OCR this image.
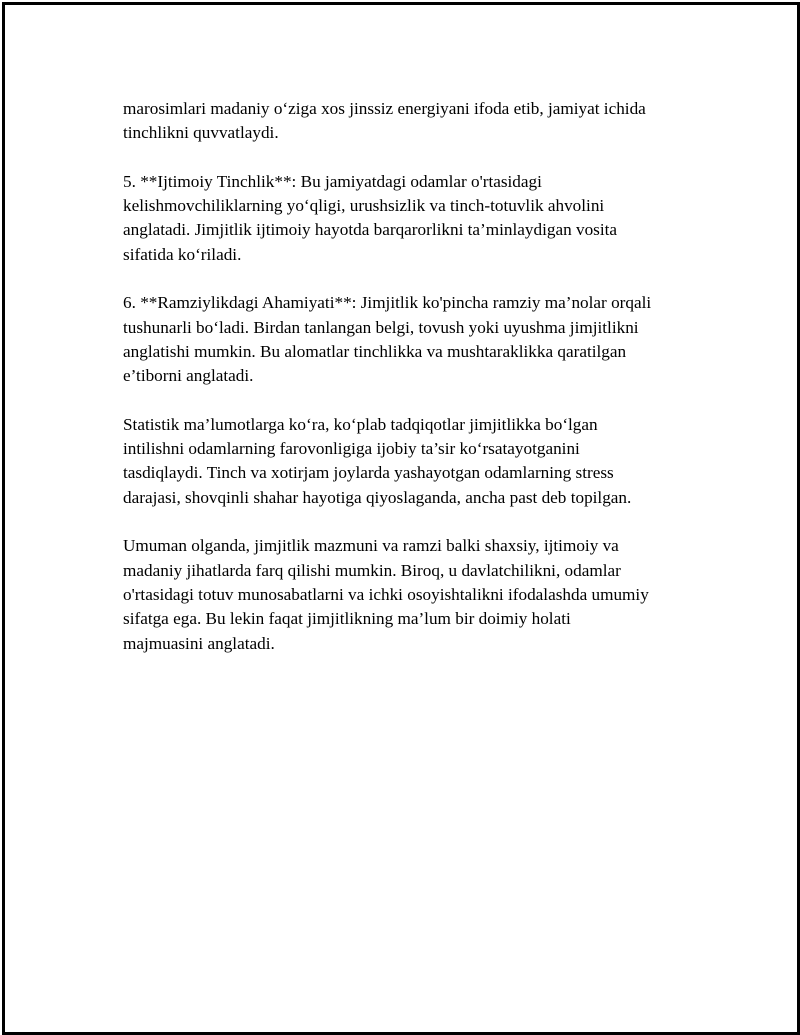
marosimlari madaniy o‘ziga xos jinssiz energiyani ifoda etib, jamiyat ichida
tinchlikni quvvatlaydi.

5. **Ijtimoiy Tinchlik**: Bu jamiyatdagi odamlar o'rtasidagi
kelishmovchiliklarning yo‘qligi, urushsizlik va tinch-totuvlik ahvolini
anglatadi. Jimjitlik ijtimoiy hayotda barqarorlikni ta’minlaydigan vosita
sifatida ko‘riladi.

6. **Ramziylikdagi Ahamiyati**: Jimjitlik ko'pincha ramziy ma’nolar orqali
tushunarli bo‘ladi. Birdan tanlangan belgi, tovush yoki uyushma jimjitlikni
anglatishi mumkin. Bu alomatlar tinchlikka va mushtaraklikka qaratilgan
e’tiborni anglatadi.

Statistik ma’lumotlarga ko‘ra, ko‘plab tadqiqotlar jimjitlikka bo‘lgan
intilishni odamlarning farovonligiga ijobiy ta’sir ko‘rsatayotganini
tasdiqlaydi. Tinch va xotirjam joylarda yashayotgan odamlarning stress
darajasi, shovqinli shahar hayotiga qiyoslaganda, ancha past deb topilgan.

Umuman olganda, jimjitlik mazmuni va ramzi balki shaxsiy, ijtimoiy va
madaniy jihatlarda farq qilishi mumkin. Biroq, u davlatchilikni, odamlar
o'rtasidagi totuv munosabatlarni va ichki osoyishtalikni ifodalashda umumiy
sifatga ega. Bu lekin faqat jimjitlikning ma’lum bir doimiy holati
majmuasini anglatadi.
